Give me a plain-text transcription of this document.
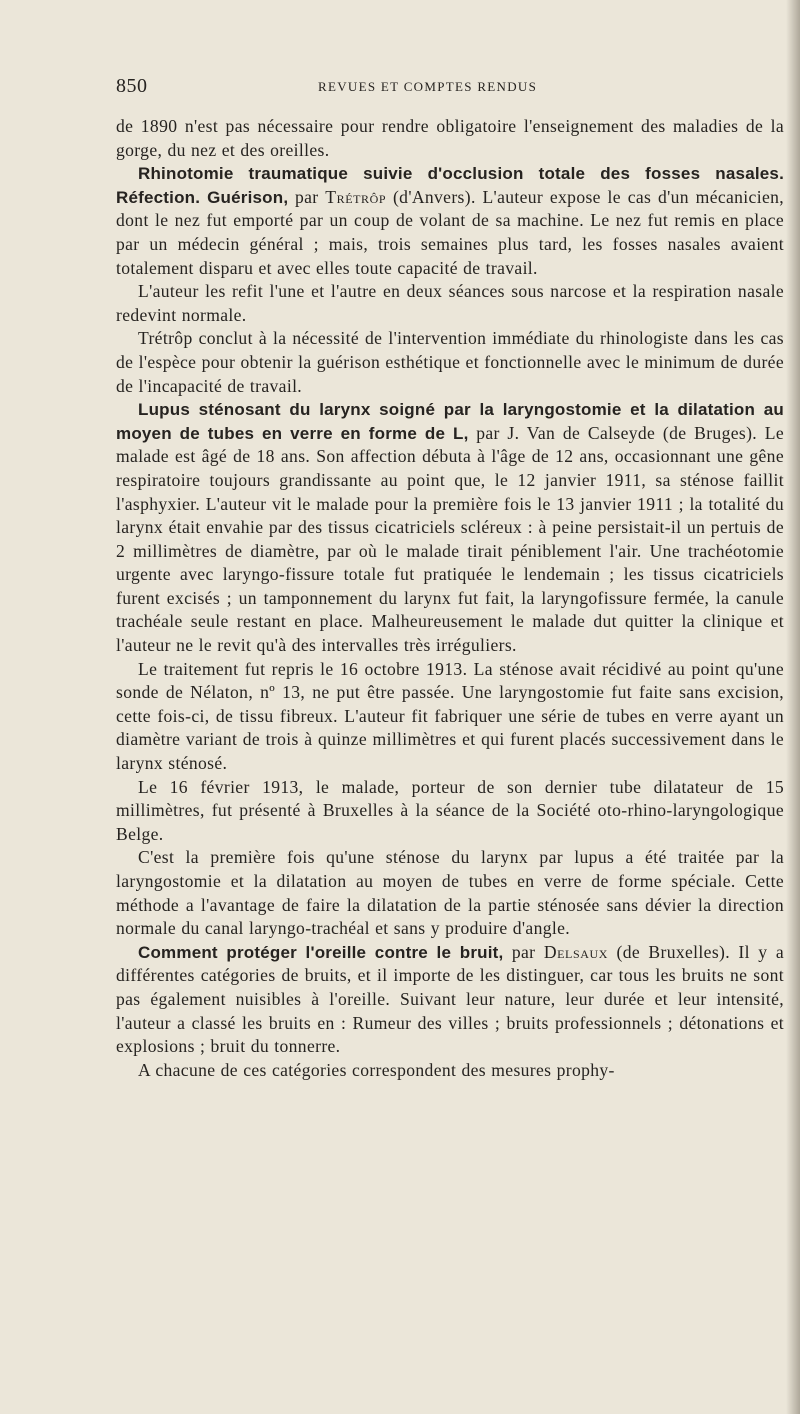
850	REVUES ET COMPTES RENDUS

de 1890 n'est pas nécessaire pour rendre obligatoire l'enseignement des maladies de la gorge, du nez et des oreilles.

Rhinotomie traumatique suivie d'occlusion totale des fosses nasales. Réfection. Guérison, par Trétrôp (d'Anvers). L'auteur expose le cas d'un mécanicien, dont le nez fut emporté par un coup de volant de sa machine. Le nez fut remis en place par un médecin général ; mais, trois semaines plus tard, les fosses nasales avaient totalement disparu et avec elles toute capacité de travail.

L'auteur les refit l'une et l'autre en deux séances sous narcose et la respiration nasale redevint normale.

Trétrôp conclut à la nécessité de l'intervention immédiate du rhinologiste dans les cas de l'espèce pour obtenir la guérison esthétique et fonctionnelle avec le minimum de durée de l'incapacité de travail.

Lupus sténosant du larynx soigné par la laryngostomie et la dilatation au moyen de tubes en verre en forme de L, par J. Van de Calseyde (de Bruges). Le malade est âgé de 18 ans. Son affection débuta à l'âge de 12 ans, occasionnant une gêne respiratoire toujours grandissante au point que, le 12 janvier 1911, sa sténose faillit l'asphyxier. L'auteur vit le malade pour la première fois le 13 janvier 1911 ; la totalité du larynx était envahie par des tissus cicatriciels scléreux : à peine persistait-il un pertuis de 2 millimètres de diamètre, par où le malade tirait péniblement l'air. Une trachéotomie urgente avec laryngo-fissure totale fut pratiquée le lendemain ; les tissus cicatriciels furent excisés ; un tamponnement du larynx fut fait, la laryngofissure fermée, la canule trachéale seule restant en place. Malheureusement le malade dut quitter la clinique et l'auteur ne le revit qu'à des intervalles très irréguliers.

Le traitement fut repris le 16 octobre 1913. La sténose avait récidivé au point qu'une sonde de Nélaton, nº 13, ne put être passée. Une laryngostomie fut faite sans excision, cette fois-ci, de tissu fibreux. L'auteur fit fabriquer une série de tubes en verre ayant un diamètre variant de trois à quinze millimètres et qui furent placés successivement dans le larynx sténosé.

Le 16 février 1913, le malade, porteur de son dernier tube dilatateur de 15 millimètres, fut présenté à Bruxelles à la séance de la Société oto-rhino-laryngologique Belge.

C'est la première fois qu'une sténose du larynx par lupus a été traitée par la laryngostomie et la dilatation au moyen de tubes en verre de forme spéciale. Cette méthode a l'avantage de faire la dilatation de la partie sténosée sans dévier la direction normale du canal laryngo-trachéal et sans y produire d'angle.

Comment protéger l'oreille contre le bruit, par Delsaux (de Bruxelles). Il y a différentes catégories de bruits, et il importe de les distinguer, car tous les bruits ne sont pas également nuisibles à l'oreille. Suivant leur nature, leur durée et leur intensité, l'auteur a classé les bruits en : Rumeur des villes ; bruits professionnels ; détonations et explosions ; bruit du tonnerre.

A chacune de ces catégories correspondent des mesures prophy-
